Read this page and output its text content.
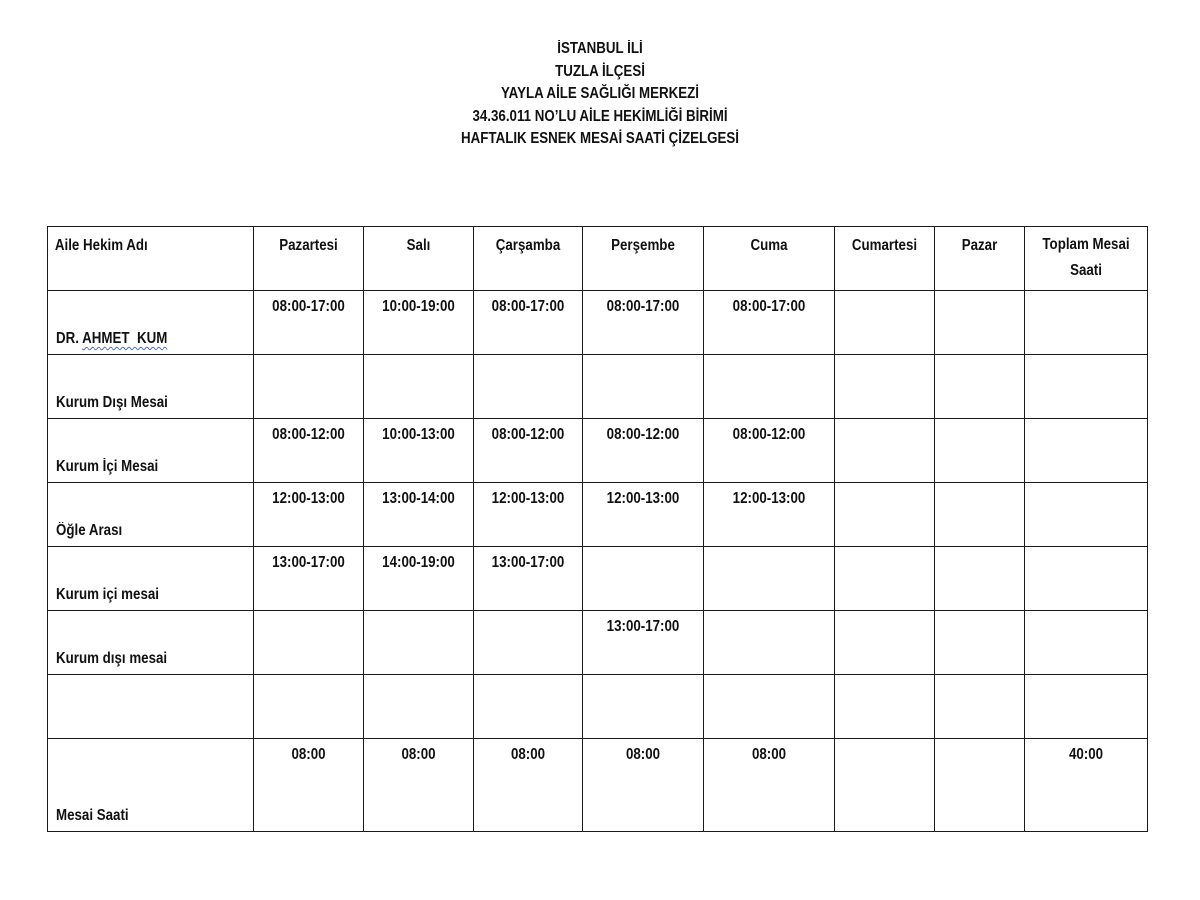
İSTANBUL İLİ
TUZLA İLÇESİ
YAYLA AİLE SAĞLIĞI MERKEZİ
34.36.011 NO’LU AİLE HEKİMLİĞİ BİRİMİ
HAFTALIK ESNEK MESAİ SAATİ ÇİZELGESİ
Aile Hekim Adı	Pazartesi	Salı	Çarşamba	Perşembe	Cuma	Cumartesi	Pazar	Toplam Mesai Saati

DR. AHMET  KUM	08:00-17:00	10:00-19:00	08:00-17:00	08:00-17:00	08:00-17:00			

Kurum Dışı Mesai								

Kurum İçi Mesai	08:00-12:00	10:00-13:00	08:00-12:00	08:00-12:00	08:00-12:00			

Öğle Arası	12:00-13:00	13:00-14:00	12:00-13:00	12:00-13:00	12:00-13:00			

Kurum içi mesai	13:00-17:00	14:00-19:00	13:00-17:00					

Kurum dışı mesai				13:00-17:00				

Mesai Saati	08:00	08:00	08:00	08:00	08:00			40:00
